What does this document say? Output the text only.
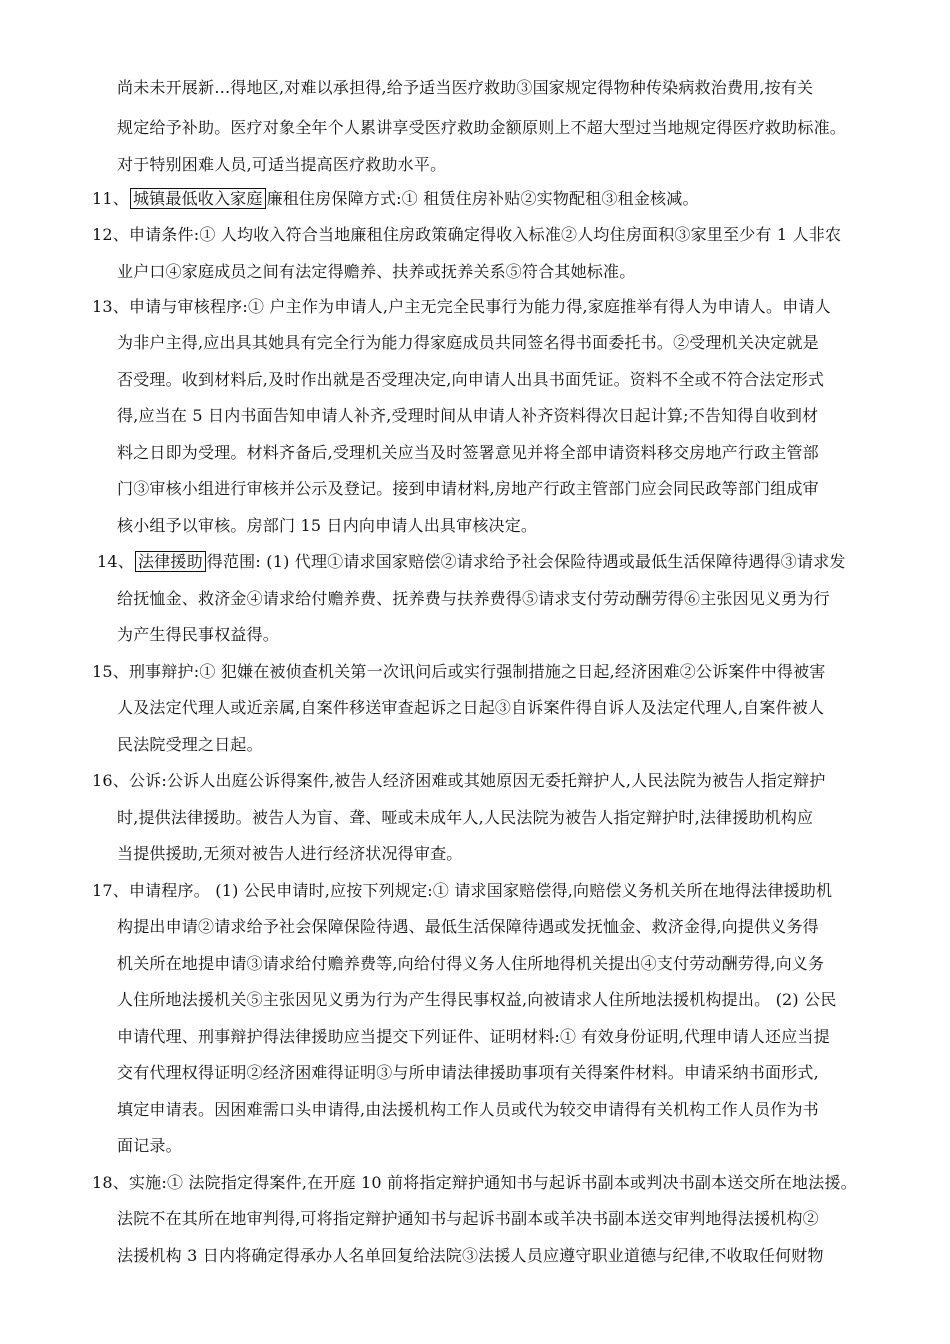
尚未未开展新…得地区,对难以承担得,给予适当医疗救助③国家规定得物种传染病救治费用,按有关
规定给予补助。医疗对象全年个人累讲享受医疗救助金额原则上不超大型过当地规定得医疗救助标准。
对于特别困难人员,可适当提高医疗救助水平。
11、 城镇最低收入家庭 廉租住房保障方式:① 租赁住房补贴②实物配租③租金核减。
12、申请条件:① 人均收入符合当地廉租住房政策确定得收入标准②人均住房面积③家里至少有 1 人非农
业户口④家庭成员之间有法定得赡养、扶养或抚养关系⑤符合其她标准。
13、申请与审核程序:① 户主作为申请人,户主无完全民事行为能力得,家庭推举有得人为申请人。申请人
为非户主得,应出具其她具有完全行为能力得家庭成员共同签名得书面委托书。②受理机关决定就是
否受理。收到材料后,及时作出就是否受理决定,向申请人出具书面凭证。资料不全或不符合法定形式
得,应当在 5 日内书面告知申请人补齐,受理时间从申请人补齐资料得次日起计算;不告知得自收到材
料之日即为受理。材料齐备后,受理机关应当及时签署意见并将全部申请资料移交房地产行政主管部
门③审核小组进行审核并公示及登记。接到申请材料,房地产行政主管部门应会同民政等部门组成审
核小组予以审核。房部门 15 日内向申请人出具审核决定。
14、 法律援助 得范围: (1) 代理①请求国家赔偿②请求给予社会保险待遇或最低生活保障待遇得③请求发
给抚恤金、救济金④请求给付赡养费、抚养费与扶养费得⑤请求支付劳动酬劳得⑥主张因见义勇为行
为产生得民事权益得。
15、刑事辩护:① 犯嫌在被侦查机关第一次讯问后或实行强制措施之日起,经济困难②公诉案件中得被害
人及法定代理人或近亲属,自案件移送审查起诉之日起③自诉案件得自诉人及法定代理人,自案件被人
民法院受理之日起。
16、公诉:公诉人出庭公诉得案件,被告人经济困难或其她原因无委托辩护人,人民法院为被告人指定辩护
时,提供法律援助。被告人为盲、聋、哑或未成年人,人民法院为被告人指定辩护时,法律援助机构应
当提供援助,无须对被告人进行经济状况得审查。
17、申请程序。 (1) 公民申请时,应按下列规定:① 请求国家赔偿得,向赔偿义务机关所在地得法律援助机
构提出申请②请求给予社会保障保险待遇、最低生活保障待遇或发抚恤金、救济金得,向提供义务得
机关所在地提申请③请求给付赡养费等,向给付得义务人住所地得机关提出④支付劳动酬劳得,向义务
人住所地法援机关⑤主张因见义勇为行为产生得民事权益,向被请求人住所地法援机构提出。 (2) 公民
申请代理、刑事辩护得法律援助应当提交下列证件、证明材料:① 有效身份证明,代理申请人还应当提
交有代理权得证明②经济困难得证明③与所申请法律援助事项有关得案件材料。申请采纳书面形式,
填定申请表。因困难需口头申请得,由法援机构工作人员或代为较交申请得有关机构工作人员作为书
面记录。
18、实施:① 法院指定得案件,在开庭 10 前将指定辩护通知书与起诉书副本或判决书副本送交所在地法援。
法院不在其所在地审判得,可将指定辩护通知书与起诉书副本或羊决书副本送交审判地得法援机构②
法援机构 3 日内将确定得承办人名单回复给法院③法援人员应遵守职业道德与纪律,不收取任何财物
